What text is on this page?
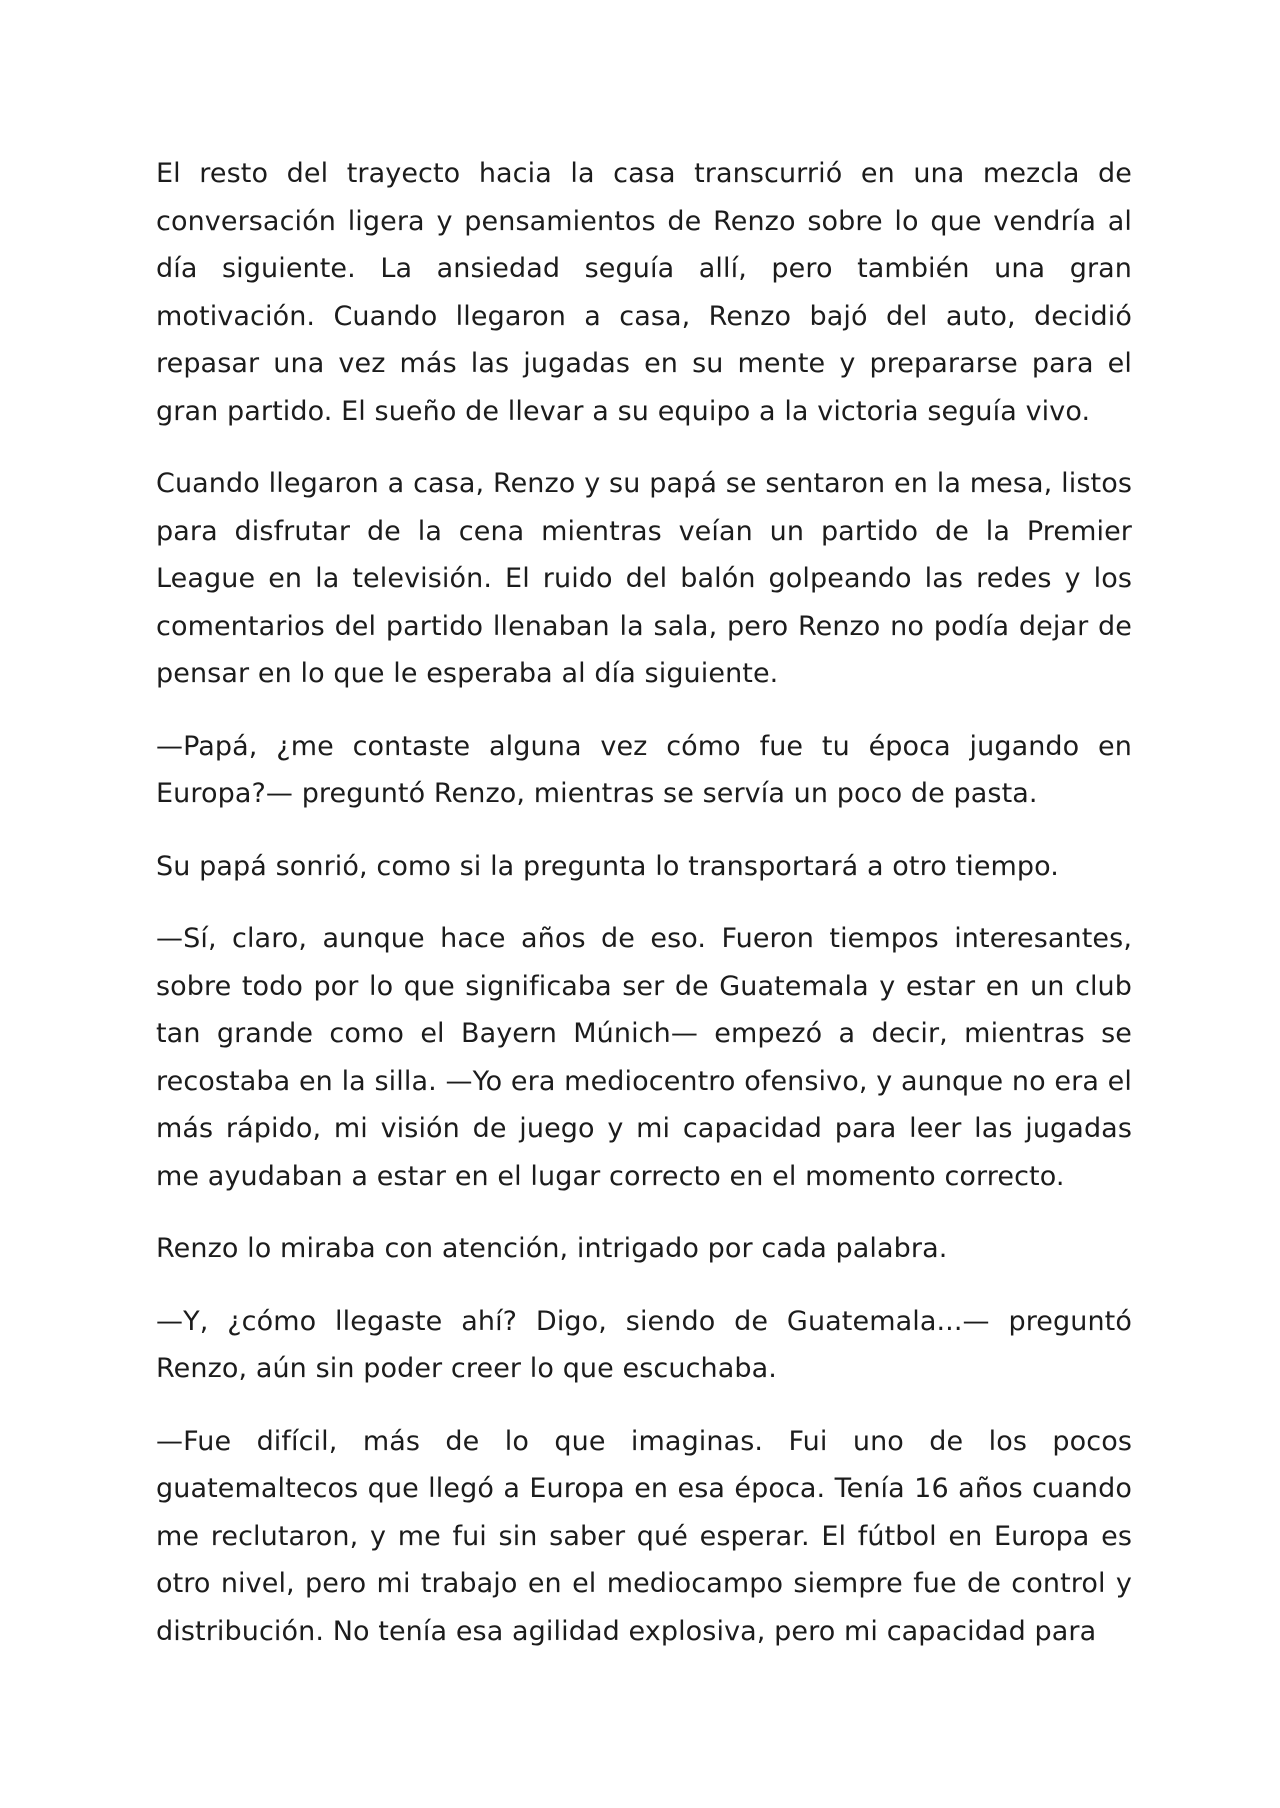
El resto del trayecto hacia la casa transcurrió en una mezcla de conversación ligera y pensamientos de Renzo sobre lo que vendría al día siguiente. La ansiedad seguía allí, pero también una gran motivación. Cuando llegaron a casa, Renzo bajó del auto, decidió repasar una vez más las jugadas en su mente y prepararse para el gran partido. El sueño de llevar a su equipo a la victoria seguía vivo.

Cuando llegaron a casa, Renzo y su papá se sentaron en la mesa, listos para disfrutar de la cena mientras veían un partido de la Premier League en la televisión. El ruido del balón golpeando las redes y los comentarios del partido llenaban la sala, pero Renzo no podía dejar de pensar en lo que le esperaba al día siguiente.

—Papá, ¿me contaste alguna vez cómo fue tu época jugando en Europa?— preguntó Renzo, mientras se servía un poco de pasta.

Su papá sonrió, como si la pregunta lo transportará a otro tiempo.

—Sí, claro, aunque hace años de eso. Fueron tiempos interesantes, sobre todo por lo que significaba ser de Guatemala y estar en un club tan grande como el Bayern Múnich— empezó a decir, mientras se recostaba en la silla. —Yo era mediocentro ofensivo, y aunque no era el más rápido, mi visión de juego y mi capacidad para leer las jugadas me ayudaban a estar en el lugar correcto en el momento correcto.

Renzo lo miraba con atención, intrigado por cada palabra.

—Y, ¿cómo llegaste ahí? Digo, siendo de Guatemala...— preguntó Renzo, aún sin poder creer lo que escuchaba.

—Fue difícil, más de lo que imaginas. Fui uno de los pocos guatemaltecos que llegó a Europa en esa época. Tenía 16 años cuando me reclutaron, y me fui sin saber qué esperar. El fútbol en Europa es otro nivel, pero mi trabajo en el mediocampo siempre fue de control y distribución. No tenía esa agilidad explosiva, pero mi capacidad para
